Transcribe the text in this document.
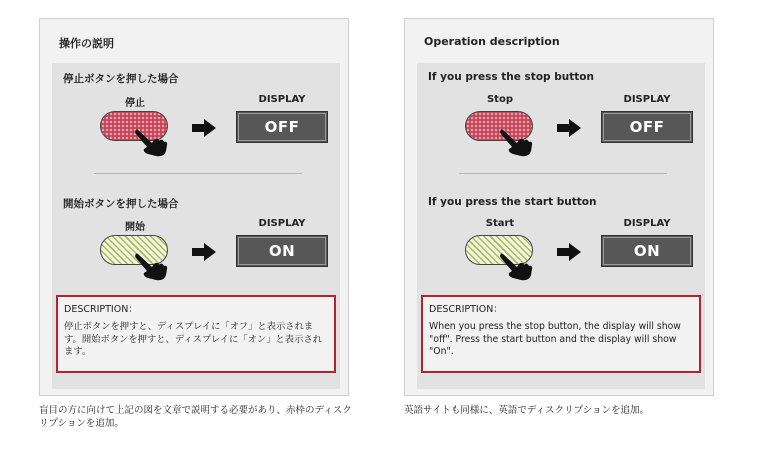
操作の説明
停止ボタンを押した場合
停止	DISPLAY
OFF
開始ボタンを押した場合
開始	DISPLAY
ON
DESCRIPTION：
停止ボタンを押すと、ディスプレイに「オフ」と表示されます。開始ボタンを押すと、ディスプレイに「オン」と表示されます。
Operation description
If you press the stop button
Stop	DISPLAY
OFF
If you press the start button
Start	DISPLAY
ON
DESCRIPTION：
When you press the stop button, the display will show "off". Press the start button and the display will show "On".
盲目の方に向けて上記の図を文章で説明する必要があり、赤枠のディスクリプションを追加。
英語サイトも同様に、英語でディスクリプションを追加。
